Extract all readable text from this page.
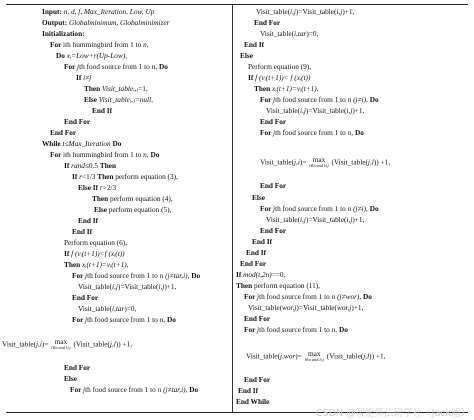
Input: n, d, f, Max_Iteration, Low, Up
Output: Globalminimum, Globalminimizer
Initialization:
For ith hummingbird from 1 to n,
Do xᵢ=Low+r(Up-Low),
For jth food source from 1 to n, Do
If i≠j
Then Visit_tableᵢ,ⱼ=1,
Else Visit_tableᵢ,ⱼ=null,
End If
End For
End For
While t≤Max_Iteration Do
For ith hummingbird from 1 to n, Do
If rand≤0.5 Then
If r<1/3 Then perform equation (3),
Else If r>2/3
Then perform equation (4),
Else perform equation (5),
End If
End If
Perform equation (6),
If f (vᵢ(t+1))<f (xᵢ(t))
Then xᵢ(t+1)=vᵢ(t+1),
For jth food source from 1 to n (j≠tar,i), Do
Visit_table(i,j)=Visit_table(i,j)+1,
End For
Visit_table(i,tar)=0,
For jth food source from 1 to n, Do
Visit_table(j,i)= max
l∈n and l≠j (Visit_table(j,l)) +1,
End For
Else
For jth food source from 1 to n (j≠tar,i), Do
Visit_table(i,j)=Visit_table(i,j)+1,
End For
Visit_table(i,tar)=0,
End If
Else
Perform equation (9),
If f (vᵢ(t+1))< f (xᵢ(t))
Then xᵢ(t+1)=vᵢ(t+1),
For jth food source from 1 to n (j≠i), Do
Visit_table(i,j)=Visit_table(i,j)+1,
End For
For jth food source from 1 to n, Do
Visit_table(j,i)= max
l∈n and l≠j (Visit_table(j,l)) +1,
End For
Else
For jth food source from 1 to n (j≠i), Do
Visit_table(i,j)=Visit_table(i,j)+1,
End For
End If
End If
End For
If mod(t,2n)==0,
Then perform equation (11),
For jth food source from 1 to n (j≠wor), Do
Visit_table(wor,j)=Visit_table(wor,j)+1,
End For
For jth food source from 1 to n, Do
Visit_table(j,wor)= max
l∈n and l≠j (Visit_table(j,l)) +1,
End For
End If
End While
CSDN @智能算法研学社（Jack旭）
